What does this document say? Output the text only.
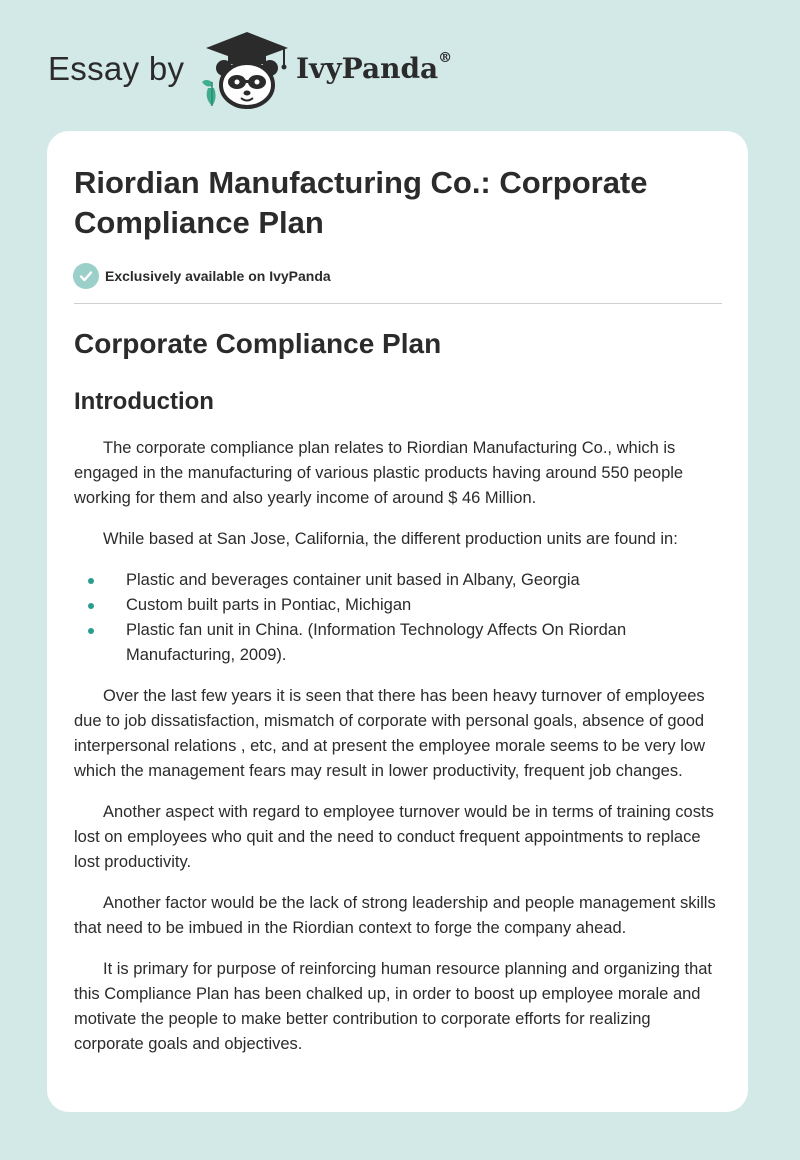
Essay by	IvyPanda®
Riordian Manufacturing Co.: Corporate Compliance Plan
Exclusively available on IvyPanda
Corporate Compliance Plan
Introduction

The corporate compliance plan relates to Riordian Manufacturing Co., which is engaged in the manufacturing of various plastic products having around 550 people working for them and also yearly income of around $ 46 Million.

While based at San Jose, California, the different production units are found in:

Plastic and beverages container unit based in Albany, Georgia
Custom built parts in Pontiac, Michigan
Plastic fan unit in China. (Information Technology Affects On Riordan Manufacturing, 2009).

Over the last few years it is seen that there has been heavy turnover of employees due to job dissatisfaction, mismatch of corporate with personal goals, absence of good interpersonal relations , etc, and at present the employee morale seems to be very low which the management fears may result in lower productivity, frequent job changes.

Another aspect with regard to employee turnover would be in terms of training costs lost on employees who quit and the need to conduct frequent appointments to replace lost productivity.

Another factor would be the lack of strong leadership and people management skills that need to be imbued in the Riordian context to forge the company ahead.

It is primary for purpose of reinforcing human resource planning and organizing that this Compliance Plan has been chalked up, in order to boost up employee morale and motivate the people to make better contribution to corporate efforts for realizing corporate goals and objectives.
